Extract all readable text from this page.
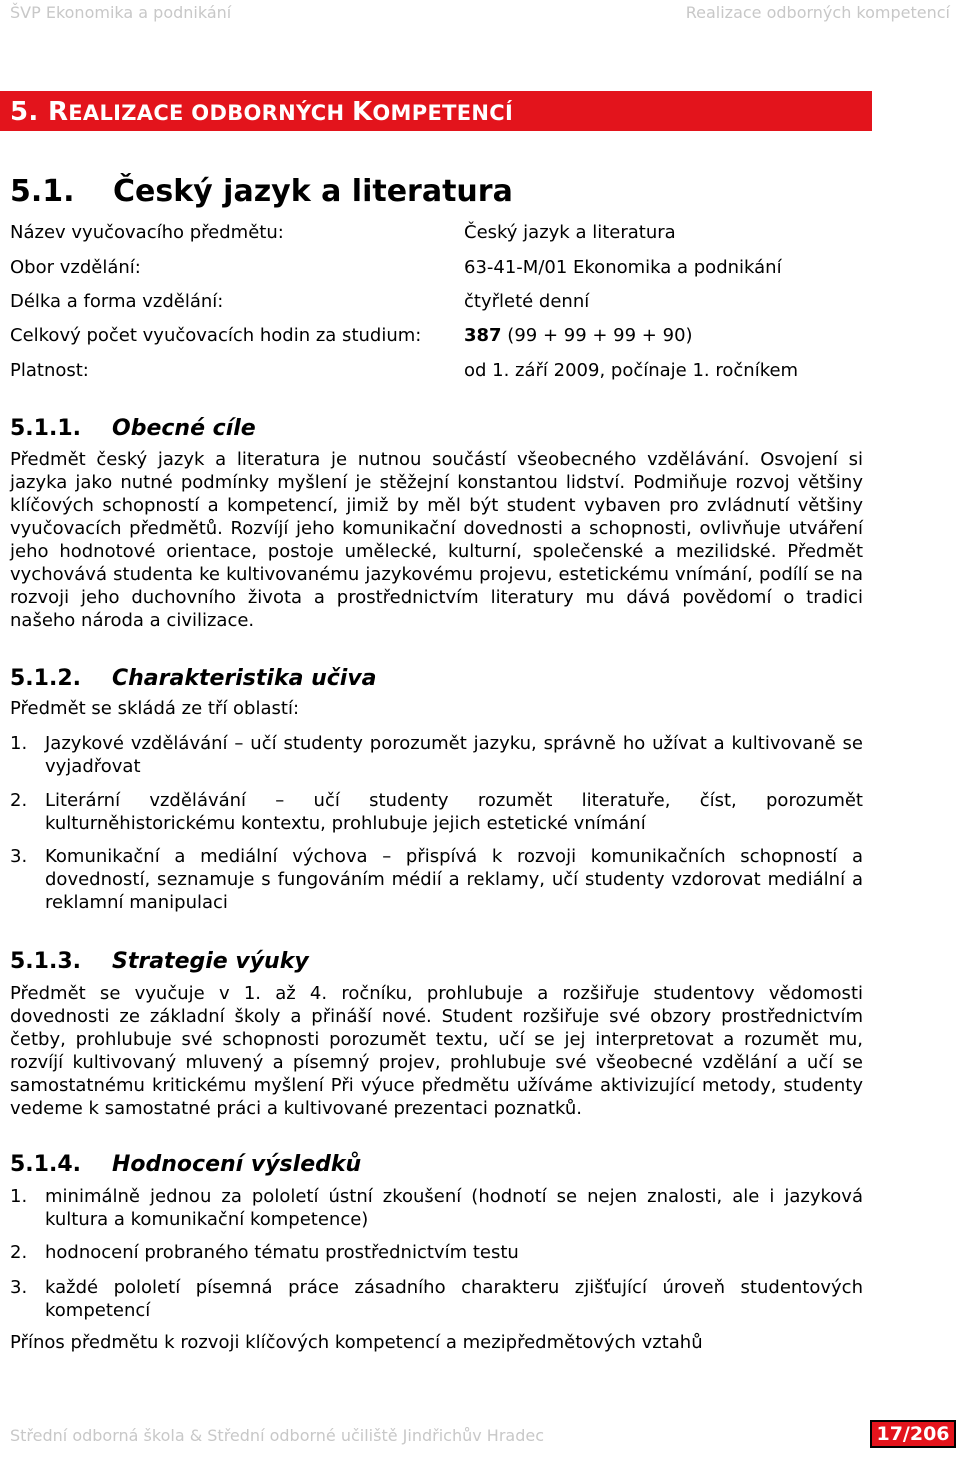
ŠVP Ekonomika a podnikání	Realizace odborných kompetencí
5. REALIZACE ODBORNÝCH KOMPETENCÍ
5.1. Český jazyk a literatura
Název vyučovacího předmětu:	Český jazyk a literatura
Obor vzdělání:	63-41-M/01 Ekonomika a podnikání
Délka a forma vzdělání:	čtyřleté denní
Celkový počet vyučovacích hodin za studium: 387 (99 + 99 + 99 + 90)
Platnost:	od 1. září 2009, počínaje 1. ročníkem
5.1.1. Obecné cíle
Předmět český jazyk a literatura je nutnou součástí všeobecného vzdělávání. Osvojení si jazyka jako nutné podmínky myšlení je stěžejní konstantou lidství. Podmiňuje rozvoj většiny klíčových schopností a kompetencí, jimiž by měl být student vybaven pro zvládnutí většiny vyučovacích předmětů. Rozvíjí jeho komunikační dovednosti a schopnosti, ovlivňuje utváření jeho hodnotové orientace, postoje umělecké, kulturní, společenské a mezilidské. Předmět vychovává studenta ke kultivovanému jazykovému projevu, estetickému vnímání, podílí se na rozvoji jeho duchovního života a prostřednictvím literatury mu dává povědomí o tradici našeho národa a civilizace.
5.1.2. Charakteristika učiva
Předmět se skládá ze tří oblastí:
1. Jazykové vzdělávání – učí studenty porozumět jazyku, správně ho užívat a kultivovaně se vyjadřovat
2. Literární vzdělávání – učí studenty rozumět literatuře, číst, porozumět kulturněhistorickému kontextu, prohlubuje jejich estetické vnímání
3. Komunikační a mediální výchova – přispívá k rozvoji komunikačních schopností a dovedností, seznamuje s fungováním médií a reklamy, učí studenty vzdorovat mediální a reklamní manipulaci
5.1.3. Strategie výuky
Předmět se vyučuje v 1. až 4. ročníku, prohlubuje a rozšiřuje studentovy vědomosti dovednosti ze základní školy a přináší nové. Student rozšiřuje své obzory prostřednictvím četby, prohlubuje své schopnosti porozumět textu, učí se jej interpretovat a rozumět mu, rozvíjí kultivovaný mluvený a písemný projev, prohlubuje své všeobecné vzdělání a učí se samostatnému kritickému myšlení Při výuce předmětu užíváme aktivizující metody, studenty vedeme k samostatné práci a kultivované prezentaci poznatků.
5.1.4. Hodnocení výsledků
1. minimálně jednou za pololetí ústní zkoušení (hodnotí se nejen znalosti, ale i jazyková kultura a komunikační kompetence)
2. hodnocení probraného tématu prostřednictvím testu
3. každé pololetí písemná práce zásadního charakteru zjišťující úroveň studentových kompetencí
Přínos předmětu k rozvoji klíčových kompetencí a mezipředmětových vztahů
Střední odborná škola & Střední odborné učiliště Jindřichův Hradec	17/206
